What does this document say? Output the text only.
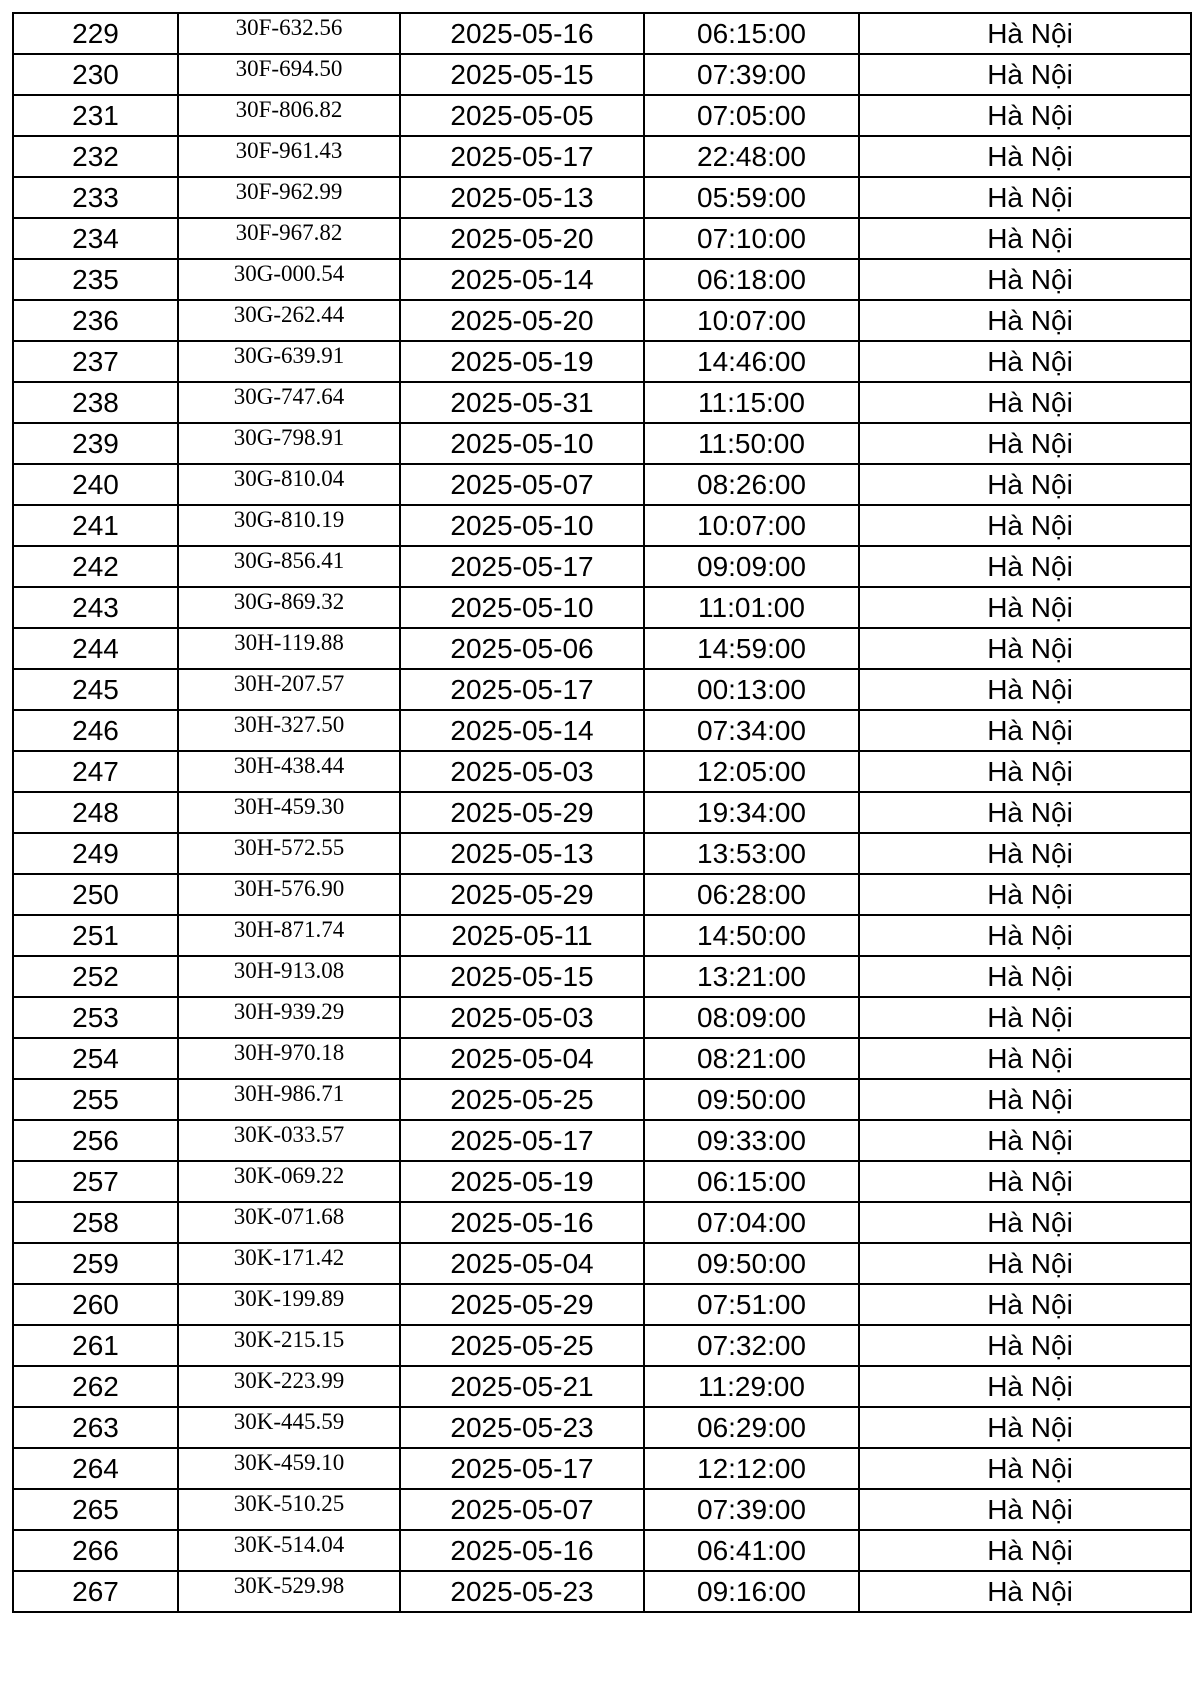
229	30F-632.56	2025-05-16	06:15:00	Hà Nội
230	30F-694.50	2025-05-15	07:39:00	Hà Nội
231	30F-806.82	2025-05-05	07:05:00	Hà Nội
232	30F-961.43	2025-05-17	22:48:00	Hà Nội
233	30F-962.99	2025-05-13	05:59:00	Hà Nội
234	30F-967.82	2025-05-20	07:10:00	Hà Nội
235	30G-000.54	2025-05-14	06:18:00	Hà Nội
236	30G-262.44	2025-05-20	10:07:00	Hà Nội
237	30G-639.91	2025-05-19	14:46:00	Hà Nội
238	30G-747.64	2025-05-31	11:15:00	Hà Nội
239	30G-798.91	2025-05-10	11:50:00	Hà Nội
240	30G-810.04	2025-05-07	08:26:00	Hà Nội
241	30G-810.19	2025-05-10	10:07:00	Hà Nội
242	30G-856.41	2025-05-17	09:09:00	Hà Nội
243	30G-869.32	2025-05-10	11:01:00	Hà Nội
244	30H-119.88	2025-05-06	14:59:00	Hà Nội
245	30H-207.57	2025-05-17	00:13:00	Hà Nội
246	30H-327.50	2025-05-14	07:34:00	Hà Nội
247	30H-438.44	2025-05-03	12:05:00	Hà Nội
248	30H-459.30	2025-05-29	19:34:00	Hà Nội
249	30H-572.55	2025-05-13	13:53:00	Hà Nội
250	30H-576.90	2025-05-29	06:28:00	Hà Nội
251	30H-871.74	2025-05-11	14:50:00	Hà Nội
252	30H-913.08	2025-05-15	13:21:00	Hà Nội
253	30H-939.29	2025-05-03	08:09:00	Hà Nội
254	30H-970.18	2025-05-04	08:21:00	Hà Nội
255	30H-986.71	2025-05-25	09:50:00	Hà Nội
256	30K-033.57	2025-05-17	09:33:00	Hà Nội
257	30K-069.22	2025-05-19	06:15:00	Hà Nội
258	30K-071.68	2025-05-16	07:04:00	Hà Nội
259	30K-171.42	2025-05-04	09:50:00	Hà Nội
260	30K-199.89	2025-05-29	07:51:00	Hà Nội
261	30K-215.15	2025-05-25	07:32:00	Hà Nội
262	30K-223.99	2025-05-21	11:29:00	Hà Nội
263	30K-445.59	2025-05-23	06:29:00	Hà Nội
264	30K-459.10	2025-05-17	12:12:00	Hà Nội
265	30K-510.25	2025-05-07	07:39:00	Hà Nội
266	30K-514.04	2025-05-16	06:41:00	Hà Nội
267	30K-529.98	2025-05-23	09:16:00	Hà Nội
